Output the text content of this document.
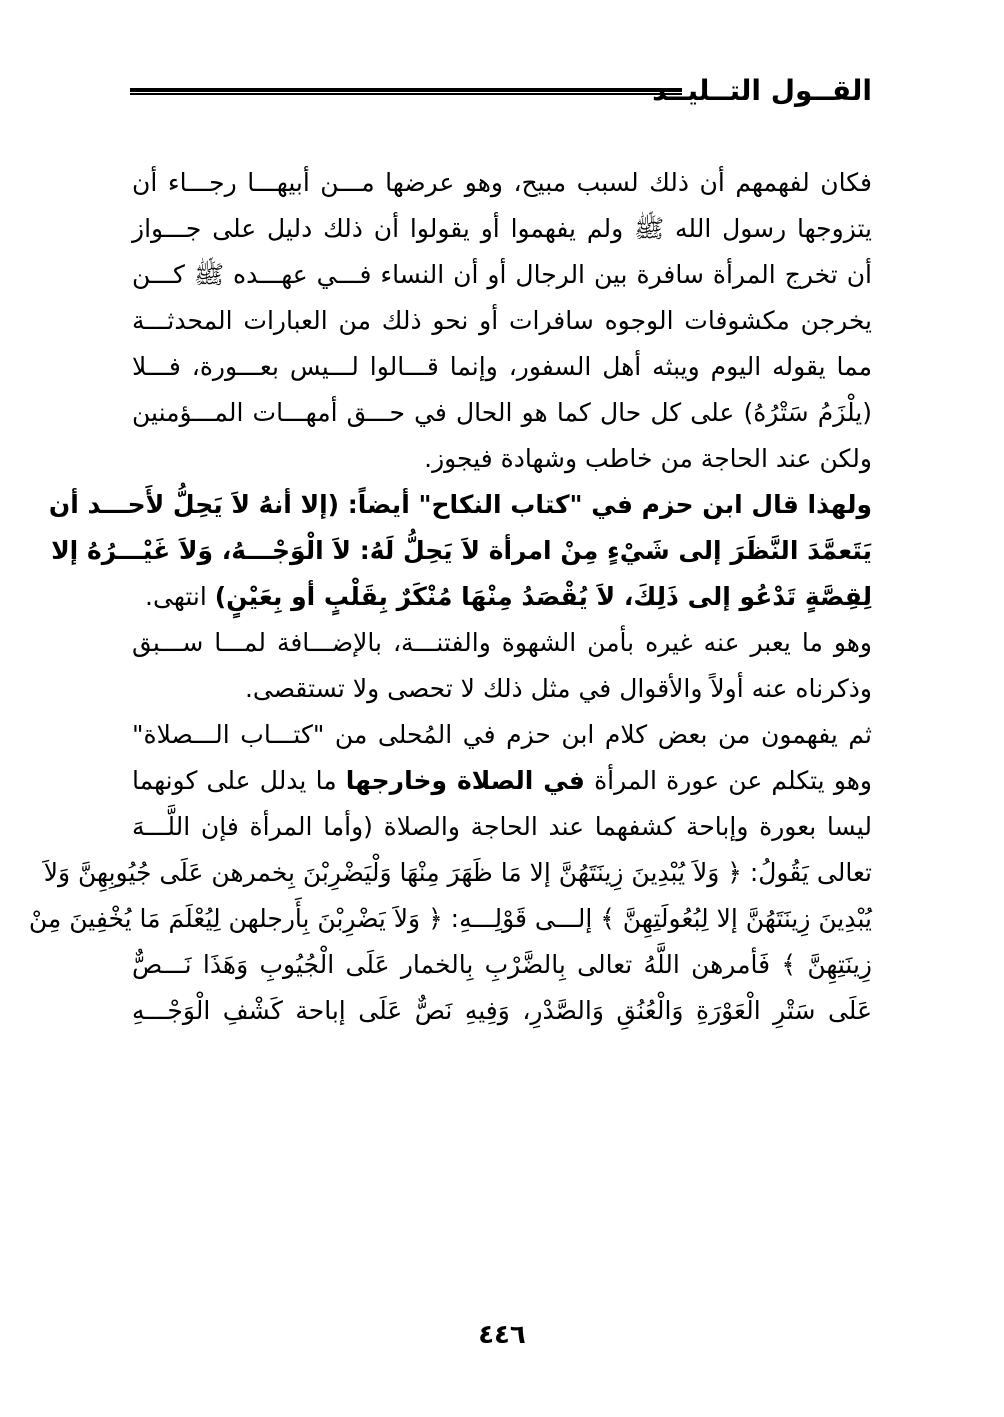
القــول التــليــد
فكان لفهمهم أن ذلك لسبب مبيح، وهو عرضها مـــن أبيهـــا رجـــاء أن
يتزوجها رسول الله ﷺ ولم يفهموا أو يقولوا أن ذلك دليل على جـــواز
أن تخرج المرأة سافرة بين الرجال أو أن النساء فـــي عهـــده ﷺ كـــن
يخرجن مكشوفات الوجوه سافرات أو نحو ذلك من العبارات المحدثـــة
مما يقوله اليوم ويبثه أهل السفور، وإنما قـــالوا لـــيس بعـــورة، فـــلا
(يلْزَمُ سَتْرُهُ) على كل حال كما هو الحال في حـــق أمهـــات المـــؤمنين
ولكن عند الحاجة من خاطب وشهادة فيجوز.
ولهذا قال ابن حزم في "كتاب النكاح" أيضاً: (إلا أنهُ لاَ يَحِلُّ لأَحـــد أن
يَتَعمَّدَ النَّظَرَ إلى شَيْءٍ مِنْ امرأة لاَ يَحِلُّ لَهُ: لاَ الْوَجْـــهُ، وَلاَ غَيْـــرُهُ إلا
لِقِصَّةٍ تَدْعُو إلى ذَلِكَ، لاَ يُقْصَدُ مِنْهَا مُنْكَرٌ بِقَلْبٍ أو بِعَيْنٍ) انتهى.
وهو ما يعبر عنه غيره بأمن الشهوة والفتنـــة، بالإضـــافة لمـــا ســـبق
وذكرناه عنه أولاً والأقوال في مثل ذلك لا تحصى ولا تستقصى.
ثم يفهمون من بعض كلام ابن حزم في المُحلى من "كتـــاب الـــصلاة"
وهو يتكلم عن عورة المرأة في الصلاة وخارجها ما يدلل على كونهما
ليسا بعورة وإباحة كشفهما عند الحاجة والصلاة (وأما المرأة فإن اللَّـــهَ
تعالى يَقُولُ: ﴿ وَلاَ يُبْدِينَ زِينَتَهُنَّ إلا مَا ظَهَرَ مِنْهَا وَلْيَضْرِبْنَ بِخمرهن عَلَى جُيُوبِهِنَّ وَلاَ
يُبْدِينَ زِينَتَهُنَّ إلا لِبُعُولَتِهِنَّ ﴾ إلـــى قَوْلِـــهِ: ﴿ وَلاَ يَضْرِبْنَ بِأَرجلهن لِيُعْلَمَ مَا يُخْفِينَ مِنْ
زِينَتِهِنَّ ﴾ فَأمرهن اللَّهُ تعالى بِالضَّرْبِ بِالخمار عَلَى الْجُيُوبِ وَهَذَا نَـــصٌّ
عَلَى سَتْرِ الْعَوْرَةِ وَالْعُنُقِ وَالصَّدْرِ، وَفِيهِ نَصٌّ عَلَى إباحة كَشْفِ الْوَجْـــهِ
٤٤٦
